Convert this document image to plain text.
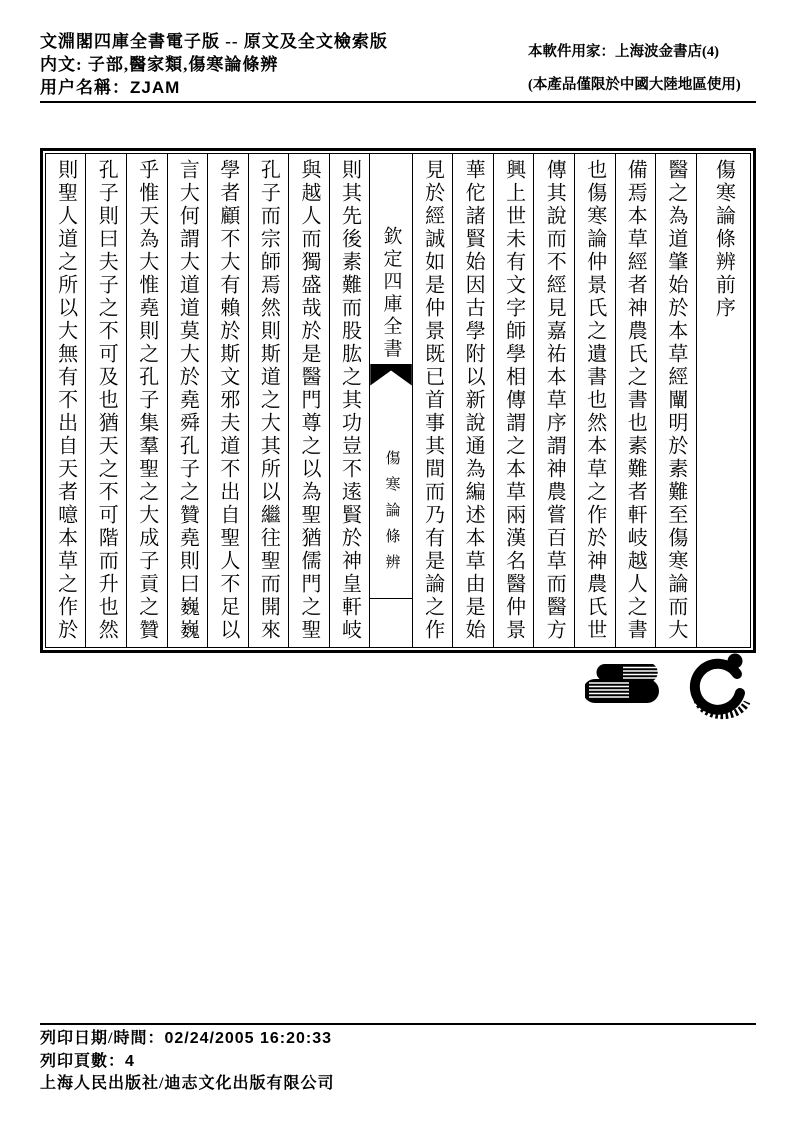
文淵閣四庫全書電子版 -- 原文及全文檢索版
内文: 子部,醫家類,傷寒論條辨
用户名稱：ZJAM
本軟件用家：上海波金書店(4)
(本產品僅限於中國大陸地區使用)
傷寒論條辨前序
醫之為道肇始於本草經闡明於素難至傷寒論而大
備焉本草經者神農氏之書也素難者軒岐越人之書
也傷寒論仲景氏之遺書也然本草之作於神農氏世
傳其說而不經見嘉祐本草序謂神農嘗百草而醫方
興上世未有文字師學相傳謂之本草兩漢名醫仲景
華佗諸賢始因古學附以新說通為編述本草由是始
見於經誠如是仲景既已首事其間而乃有是論之作
欽定四庫全書
傷寒論條辨
則其先後素難而股肱之其功豈不逺賢於神皇軒岐
與越人而獨盛哉於是醫門尊之以為聖猶儒門之聖
孔子而宗師焉然則斯道之大其所以繼往聖而開來
學者顧不大有賴於斯文邪夫道不出自聖人不足以
言大何謂大道道莫大於堯舜孔子之贊堯則曰巍巍
乎惟天為大惟堯則之孔子集羣聖之大成子貢之贊
孔子則曰夫子之不可及也猶天之不可階而升也然
則聖人道之所以大無有不出自天者噫本草之作於
列印日期/時間：02/24/2005 16:20:33
列印頁數：4
上海人民出版社/迪志文化出版有限公司
